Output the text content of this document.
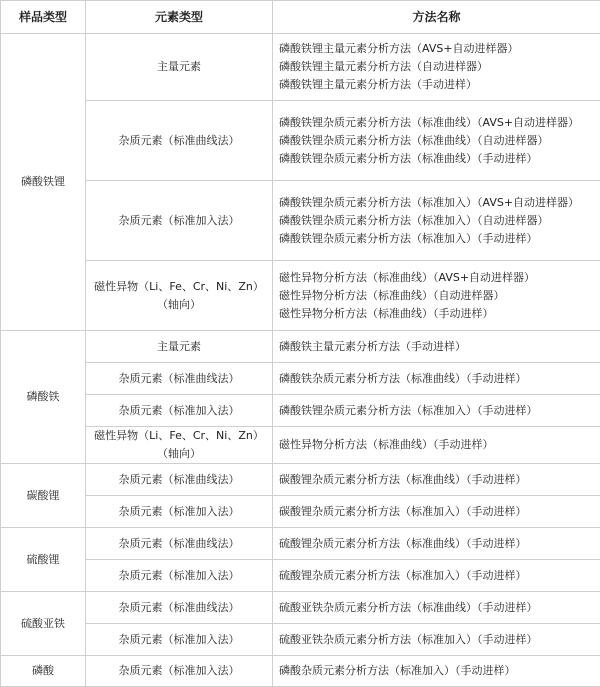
样品类型	元素类型	方法名称
磷酸铁锂	主量元素	磷酸铁锂主量元素分析方法（AVS+自动进样器）
磷酸铁锂主量元素分析方法（自动进样器）
磷酸铁锂主量元素分析方法（手动进样）

	杂质元素（标准曲线法）	磷酸铁锂杂质元素分析方法（标准曲线）（AVS+自动进样器）
磷酸铁锂杂质元素分析方法（标准曲线）（自动进样器）
磷酸铁锂杂质元素分析方法（标准曲线）（手动进样）

	杂质元素（标准加入法）	磷酸铁锂杂质元素分析方法（标准加入）（AVS+自动进样器）
磷酸铁锂杂质元素分析方法（标准加入）（自动进样器）
磷酸铁锂杂质元素分析方法（标准加入）（手动进样）

	磁性异物（Li、Fe、Cr、Ni、Zn）（轴向）	磁性异物分析方法（标准曲线）（AVS+自动进样器）
磁性异物分析方法（标准曲线）（自动进样器）
磁性异物分析方法（标准曲线）（手动进样）

磷酸铁	主量元素	磷酸铁主量元素分析方法（手动进样）

	杂质元素（标准曲线法）	磷酸铁杂质元素分析方法（标准曲线）（手动进样）

	杂质元素（标准加入法）	磷酸铁锂杂质元素分析方法（标准加入）（手动进样）

	磁性异物（Li、Fe、Cr、Ni、Zn）（轴向）	磁性异物分析方法（标准曲线）（手动进样）

碳酸锂	杂质元素（标准曲线法）	碳酸锂杂质元素分析方法（标准曲线）（手动进样）

	杂质元素（标准加入法）	碳酸锂杂质元素分析方法（标准加入）（手动进样）

硫酸锂	杂质元素（标准曲线法）	硫酸锂杂质元素分析方法（标准曲线）（手动进样）

	杂质元素（标准加入法）	硫酸锂杂质元素分析方法（标准加入）（手动进样）

硫酸亚铁	杂质元素（标准曲线法）	硫酸亚铁杂质元素分析方法（标准曲线）（手动进样）

	杂质元素（标准加入法）	硫酸亚铁杂质元素分析方法（标准加入）（手动进样）

磷酸	杂质元素（标准加入法）	磷酸杂质元素分析方法（标准加入）（手动进样）
